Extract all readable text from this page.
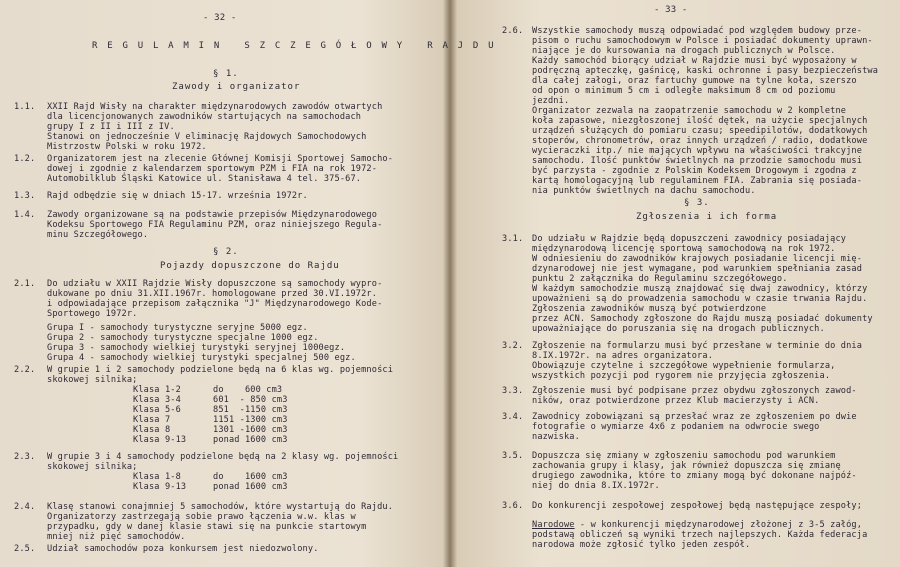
- 32 -
R E G U L A M I N   S Z C Z E G Ó Ł O W Y   R A J D U
§ 1.
Zawody i organizator
1.1. XXII Rajd Wisły na charakter międzynarodowych zawodów otwartych
dla licencjonowanych zawodników startujących na samochodach
grupy I z II i III z IV.
Stanowi on jednocześnie V eliminację Rajdowych Samochodowych
Mistrzostw Polski w roku 1972.
1.2. Organizatorem jest na zlecenie Głównej Komisji Sportowej Samocho-
dowej i zgodnie z kalendarzem sportowym PZM i FIA na rok 1972-
Automobilklub Śląski Katowice ul. Stanisława 4 tel. 375-67.
1.3. Rajd odbędzie się w dniach 15-17. września 1972r.
1.4. Zawody organizowane są na podstawie przepisów Międzynarodowego
Kodeksu Sportowego FIA Regulaminu PZM, oraz niniejszego Regula-
minu Szczegółowego.
§ 2.
Pojazdy dopuszczone do Rajdu
2.1. Do udziału w XXII Rajdzie Wisły dopuszczone są samochody wypro-
dukowane po dniu 31.XII.1967r. homologowane przed 30.VI.1972r.
i odpowiadające przepisom załącznika "J" Międzynarodowego Kode-
Sportowego 1972r.
Grupa I - samochody turystyczne seryjne 5000 egz.
Grupa 2 - samochody turystyczne specjalne 1000 egz.
Grupa 3 - samochody wielkiej turystyki seryjnej 1000egz.
Grupa 4 - samochody wielkiej turystyki specjalnej 500 egz.
2.2. W grupie 1 i 2 samochody podzielone będą na 6 klas wg. pojemności
skokowej silnika;
Klasa 1-2	do    600 cm3
Klasa 3-4	601  - 850 cm3
Klasa 5-6	851  -1150 cm3
Klasa 7	1151 -1300 cm3
Klasa 8	1301 -1600 cm3
Klasa 9-13	ponad 1600 cm3
2.3. W grupie 3 i 4 samochody podzielone będą na 2 klasy wg. pojemności
skokowej silnika;
Klasa 1-8	do    1600 cm3
Klasa 9-13	ponad 1600 cm3
2.4. Klasę stanowi conajmniej 5 samochodów, które wystartują do Rajdu.
Organizatorzy zastrzegają sobie prawo łączenia w.w. klas w
przypadku, gdy w danej klasie stawi się na punkcie startowym
mniej niż pięć samochodów.
2.5. Udział samochodów poza konkursem jest niedozwolony.
- 33 -
2.6. Wszystkie samochody muszą odpowiadać pod względem budowy prze-
pisom o ruchu samochodowym w Polsce i posiadać dokumenty uprawn-
niające je do kursowania na drogach publicznych w Polsce.
Każdy samochód biorący udział w Rajdzie musi być wyposażony w
podręczną apteczkę, gaśnicę, kaski ochronne i pasy bezpieczeństwa
dla całej załogi, oraz fartuchy gumowe na tylne koła, szerszo
od opon o minimum 5 cm i odległe maksimum 8 cm od poziomu
jezdni.
Organizator zezwala na zaopatrzenie samochodu w 2 kompletne
koła zapasowe, niezgłoszonej ilość dętek, na użycie specjalnych
urządzeń służących do pomiaru czasu; speedipilotów, dodatkowych
stoperów, chronometrów, oraz innych urządzeń / radio, dodatkowe
wycieraczki itp./ nie mających wpływu na właściwości trakcyjne
samochodu. Ilość punktów świetlnych na przodzie samochodu musi
być parzysta - zgodnie z Polskim Kodeksem Drogowym i zgodna z
kartą homologacyjną lub regulaminem FIA. Zabrania się posiada-
nia punktów świetlnych na dachu samochodu.
§ 3.
Zgłoszenia i ich forma
3.1. Do udziału w Rajdzie będą dopuszczeni zawodnicy posiadający
międzynarodową licencję sportową samochodową na rok 1972.
W odniesieniu do zawodników krajowych posiadanie licencji mię-
dzynarodowej nie jest wymagane, pod warunkiem spełniania zasad
punktu 2 załącznika do Regulaminu szczegółowego.
W każdym samochodzie muszą znajdować się dwaj zawodnicy, którzy
upoważnieni są do prowadzenia samochodu w czasie trwania Rajdu.
Zgłoszenia zawodników muszą być potwierdzone
przez ACN. Samochody zgłoszone do Rajdu muszą posiadać dokumenty
upoważniające do poruszania się na drogach publicznych.
3.2. Zgłoszenie na formularzu musi być przesłane w terminie do dnia
8.IX.1972r. na adres organizatora.
Obowiązuje czytelne i szczegółowe wypełnienie formularza,
wszystkich pozycji pod rygorem nie przyjęcia zgłoszenia.
3.3. Zgłoszenie musi być podpisane przez obydwu zgłoszonych zawod-
ników, oraz potwierdzone przez Klub macierzysty i ACN.
3.4. Zawodnicy zobowiązani są przesłać wraz ze zgłoszeniem po dwie
fotografie o wymiarze 4x6 z podaniem na odwrocie swego
nazwiska.
3.5. Dopuszcza się zmiany w zgłoszeniu samochodu pod warunkiem
zachowania grupy i klasy, jak również dopuszcza się zmianę
drugiego zawodnika, które to zmiany mogą być dokonane najpóź-
niej do dnia 8.IX.1972r.
3.6. Do konkurencji zespołowej zespołowej będą następujące zespoły;
Narodowe - w konkurencji międzynarodowej złożonej z 3-5 załóg,
podstawą obliczeń są wyniki trzech najlepszych. Każda federacja
narodowa może zgłosić tylko jeden zespół.
